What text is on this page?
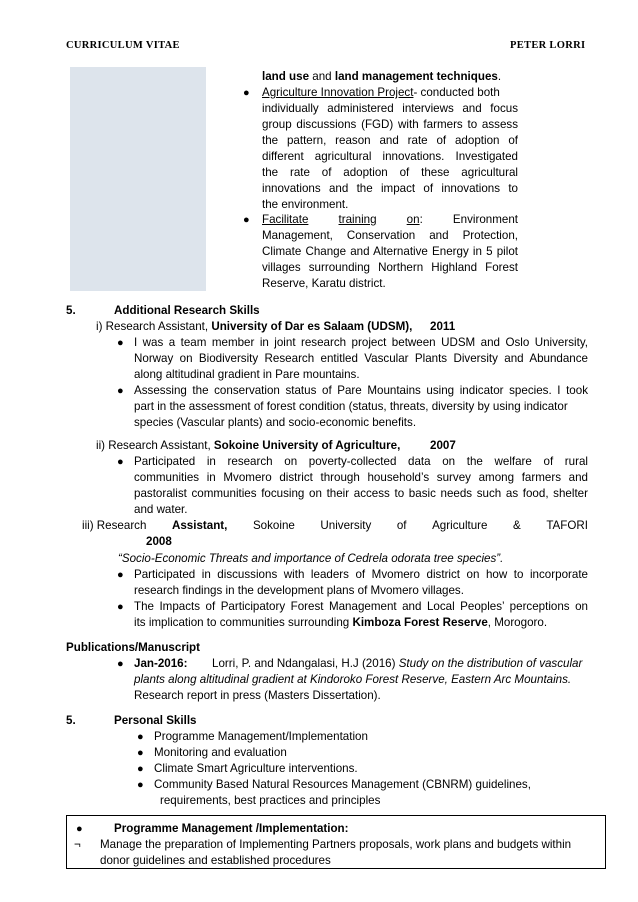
CURRICULUM VITAE	PETER LORRI
land use and land management techniques.
● Agriculture Innovation Project- conducted both
individually administered interviews and focus
group discussions (FGD) with farmers to assess
the pattern, reason and rate of adoption of
different agricultural innovations. Investigated
the rate of adoption of these agricultural
innovations and the impact of innovations to
the environment.
● Facilitate	training	on:	Environment
Management, Conservation and Protection,
Climate Change and Alternative Energy in 5 pilot
villages surrounding Northern Highland Forest
Reserve, Karatu district.
5.	Additional Research Skills
i) Research Assistant, University of Dar es Salaam (UDSM), 2011
● I was a team member in joint research project between UDSM and Oslo University,
Norway on Biodiversity Research entitled Vascular Plants Diversity and Abundance
along altitudinal gradient in Pare mountains.
● Assessing the conservation status of Pare Mountains using indicator species. I took
part in the assessment of forest condition (status, threats, diversity by using indicator
species (Vascular plants) and socio-economic benefits.
ii) Research Assistant, Sokoine University of Agriculture,	2007
● Participated in research on poverty-collected data on the welfare of rural
communities in Mvomero district through household’s survey among farmers and
pastoralist communities focusing on their access to basic needs such as food, shelter
and water.
iii) Research Assistant, Sokoine University of Agriculture & TAFORI
2008
“Socio-Economic Threats and importance of Cedrela odorata tree species”.
● Participated in discussions with leaders of Mvomero district on how to incorporate
research findings in the development plans of Mvomero villages.
● The Impacts of Participatory Forest Management and Local Peoples’ perceptions on
its implication to communities surrounding Kimboza Forest Reserve, Morogoro.
Publications/Manuscript
● Jan-2016: Lorri, P. and Ndangalasi, H.J (2016) Study on the distribution of vascular
plants along altitudinal gradient at Kindoroko Forest Reserve, Eastern Arc Mountains.
Research report in press (Masters Dissertation).
5.	Personal Skills
● Programme Management/Implementation
● Monitoring and evaluation
● Climate Smart Agriculture interventions.
● Community Based Natural Resources Management (CBNRM) guidelines,
requirements, best practices and principles
●	Programme Management /Implementation:
¬ Manage the preparation of Implementing Partners proposals, work plans and budgets within
donor guidelines and established procedures
